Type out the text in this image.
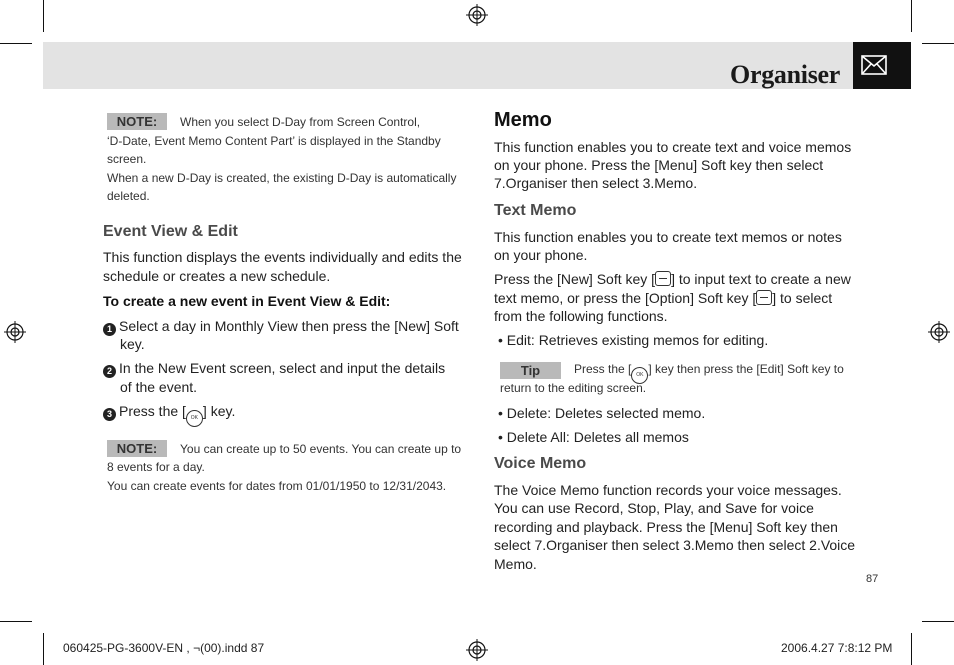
Organiser
NOTE:	When you select D-Day from Screen Control,
‘D-Date, Event Memo Content Part’ is displayed in the Standby
screen.
When a new D-Day is created, the existing D-Day is automatically
deleted.
Event View & Edit
This function displays the events individually and edits the
schedule or creates a new schedule.
To create a new event in Event View & Edit:
1 Select a day in Monthly View then press the [New] Soft
key.
2 In the New Event screen, select and input the details
of the event.
3 Press the [ OK ] key.
NOTE:	You can create up to 50 events. You can create up to
8 events for a day.
You can create events for dates from 01/01/1950 to 12/31/2043.
Memo
This function enables you to create text and voice memos
on your phone. Press the [Menu] Soft key then select
7.Organiser then select 3.Memo.
Text Memo
This function enables you to create text memos or notes
on your phone.
Press the [New] Soft key [ ] to input text to create a new
text memo, or press the [Option] Soft key [ ] to select
from the following functions.
• Edit: Retrieves existing memos for editing.
Tip	Press the [ OK ] key then press the [Edit] Soft key to
return to the editing screen.
• Delete: Deletes selected memo.
• Delete All: Deletes all memos
Voice Memo
The Voice Memo function records your voice messages.
You can use Record, Stop, Play, and Save for voice
recording and playback. Press the [Menu] Soft key then
select 7.Organiser then select 3.Memo then select 2.Voice
Memo.
87
060425-PG-3600V-EN , ¬(00).indd 87	2006.4.27 7:8:12 PM
